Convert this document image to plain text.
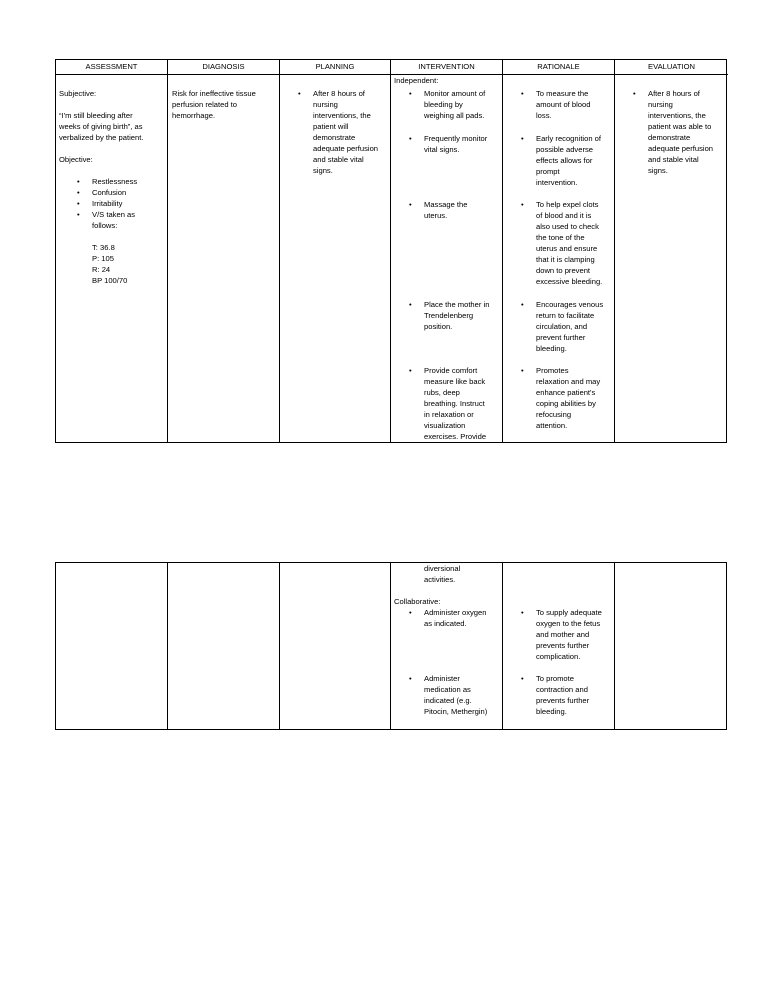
ASSESSMENT

Subjective:

“I'm still bleeding after

weeks of giving birth”, as

verbalized by the patient.

Objective:

• Restlessness
• Confusion
• Irritability
• V/S taken as

follows:

T: 36.8

P: 105

R: 24

BP 100/70

DIAGNOSIS

Risk for ineffective tissue

perfusion related to

hemorrhage.

PLANNING
• After 8 hours of

nursing

interventions, the

patient will

demonstrate

adequate perfusion

and stable vital

signs.

INTERVENTION

Independent:

• Monitor amount of

bleeding by

weighing all pads.

• Frequently monitor

vital signs.

• Massage the

uterus.

• Place the mother in

Trendelenberg

position.

• Provide comfort

measure like back

rubs, deep

breathing. Instruct

in relaxation or

visualization

exercises. Provide

RATIONALE
• To measure the

amount of blood

loss.

• Early recognition of

possible adverse

effects allows for

prompt

intervention.

• To help expel clots

of blood and it is

also used to check

the tone of the

uterus and ensure

that it is clamping

down to prevent

excessive bleeding.

• Encourages venous

return to facilitate

circulation, and

prevent further

bleeding.

• Promotes

relaxation and may

enhance patient's

coping abilities by

refocusing

attention.

EVALUATION
• After 8 hours of

nursing

interventions, the

patient was able to

demonstrate

adequate perfusion

and stable vital

signs.

diversional

activities.

Collaborative:

• Administer oxygen

as indicated.

• Administer

medication as

indicated (e.g.

Pitocin, Methergin)

• To supply adequate

oxygen to the fetus

and mother and

prevents further

complication.

• To promote

contraction and

prevents further

bleeding.
